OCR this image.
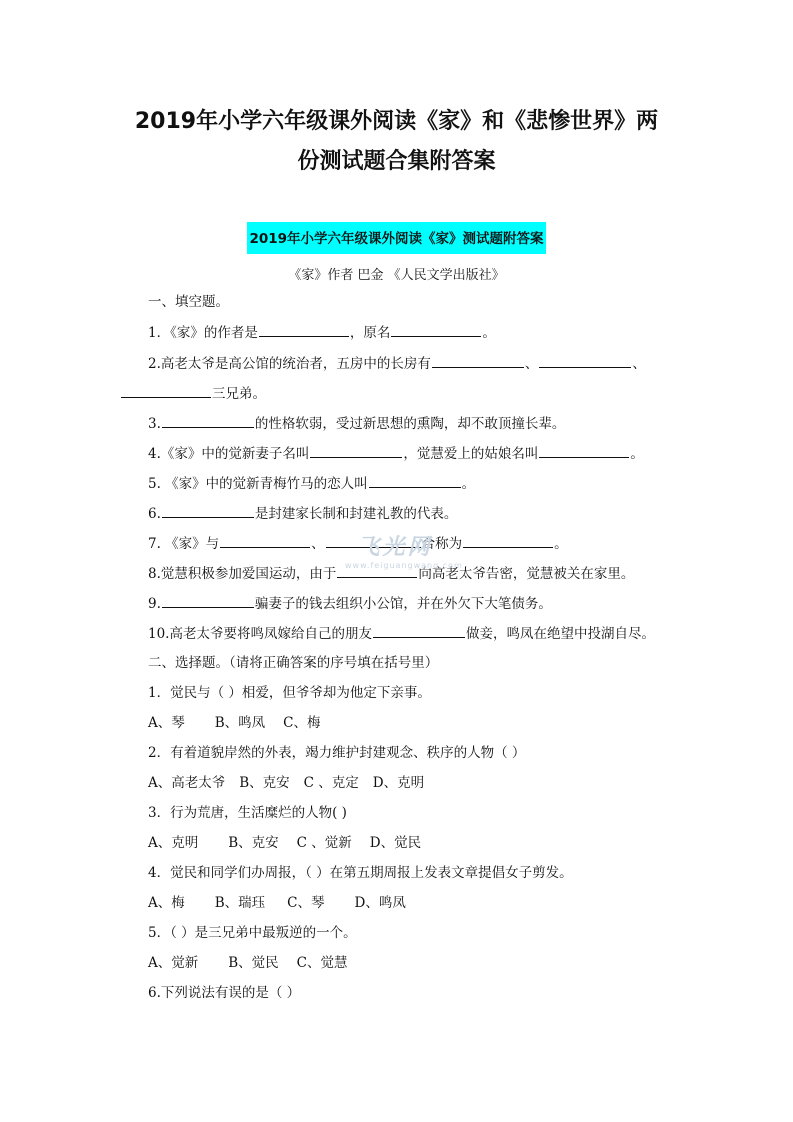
2019年小学六年级课外阅读《家》和《悲惨世界》两
份测试题合集附答案
2019年小学六年级课外阅读《家》测试题附答案
《家》作者 巴金 《人民文学出版社》
一、填空题。
1．《家》的作者是	，原名	。
2.高老太爷是高公馆的统治者，五房中的长房有	、	、
三兄弟。
3.	的性格软弱，受过新思想的熏陶，却不敢顶撞长辈。
4.《家》中的觉新妻子名叫	，觉慧爱上的姑娘名叫	。
5. 《家》中的觉新青梅竹马的恋人叫	。
6.	是封建家长制和封建礼教的代表。
7. 《家》与	、	合称为	。
8.觉慧积极参加爱国运动，由于	向高老太爷告密，觉慧被关在家里。
9.	骗妻子的钱去组织小公馆，并在外欠下大笔债务。
10.高老太爷要将鸣凤嫁给自己的朋友	做妾，鸣凤在绝望中投湖自尽。
二、选择题。（请将正确答案的序号填在括号里）
1．觉民与（ ）相爱，但爷爷却为他定下亲事。
A、琴 B、鸣凤 C、梅
2．有着道貌岸然的外表，竭力维护封建观念、秩序的人物（ ）
A、高老太爷 B、克安 C 、克定 D、克明
3．行为荒唐，生活糜烂的人物( )
A、克明 B、克安 C 、觉新 D、觉民
4．觉民和同学们办周报，（ ）在第五期周报上发表文章提倡女子剪发。
A、梅 B、瑞珏 C、琴 D、鸣凤
5．（ ）是三兄弟中最叛逆的一个。
A、觉新 B、觉民 C、觉慧
6.下列说法有误的是（ ）
飞光网
www.feiguangwang.com
